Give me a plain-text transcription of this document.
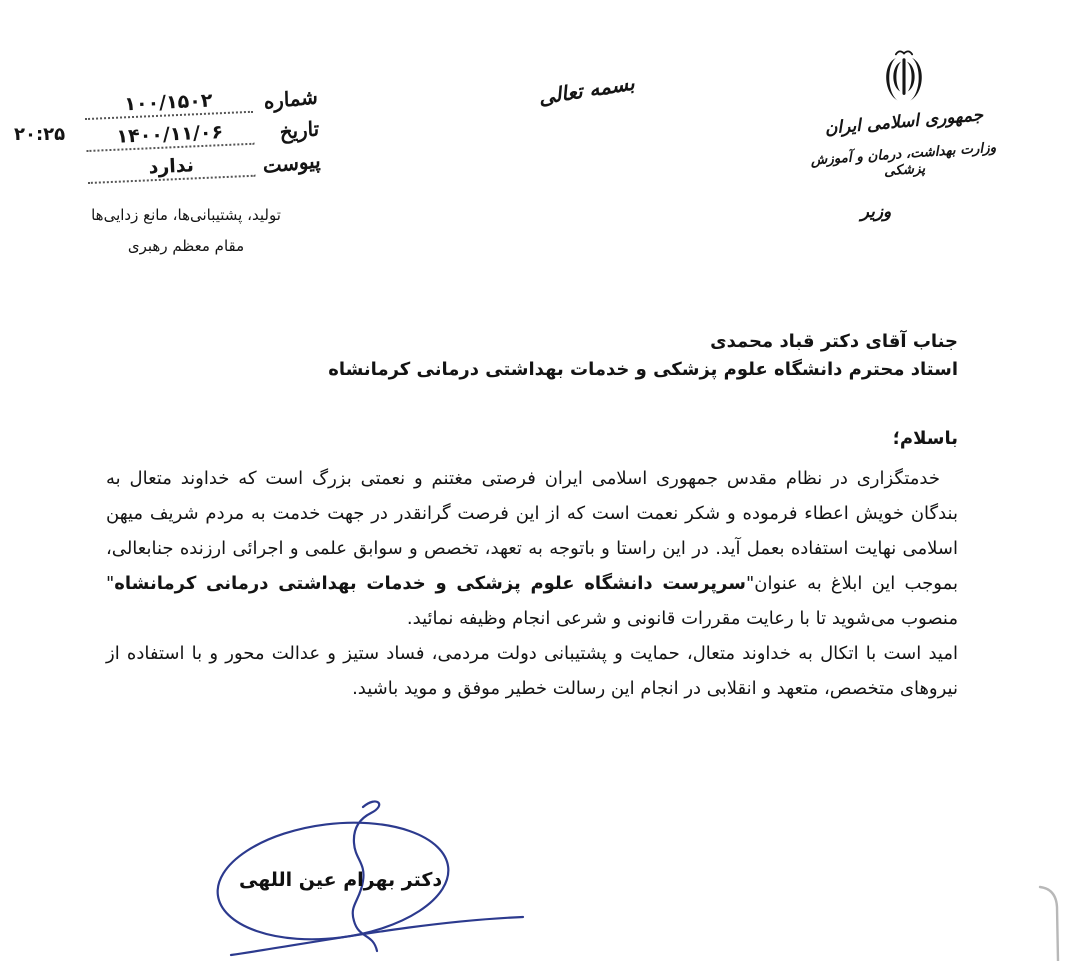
۲۰:۲۵
شماره
۱۰۰/۱۵۰۲
تاریخ
۱۴۰۰/۱۱/۰۶
پیوست
ندارد
تولید، پشتیبانی‌ها، مانع زدایی‌ها
مقام معظم رهبری
بسمه تعالی
جمهوری اسلامی ایران
وزارت بهداشت، درمان و آموزش پزشکی
وزیر
جناب آقای دکتر قباد محمدی
استاد محترم دانشگاه علوم پزشکی و خدمات بهداشتی درمانی کرمانشاه
باسلام؛

خدمتگزاری در نظام مقدس جمهوری اسلامی ایران فرصتی مغتنم و نعمتی بزرگ است که خداوند متعال به بندگان خویش اعطاء فرموده و شکر نعمت است که از این فرصت گرانقدر در جهت خدمت به مردم شریف میهن اسلامی نهایت استفاده بعمل آید. در این راستا و باتوجه به تعهد، تخصص و سوابق علمی و اجرائی ارزنده جنابعالی، بموجب این ابلاغ به عنوان"سرپرست دانشگاه علوم پزشکی و خدمات بهداشتی درمانی کرمانشاه" منصوب می‌شوید تا با رعایت مقررات قانونی و شرعی انجام وظیفه نمائید.

امید است با اتکال به خداوند متعال، حمایت و پشتیبانی دولت مردمی، فساد ستیز و عدالت محور و با استفاده از نیروهای متخصص، متعهد و انقلابی در انجام این رسالت خطیر موفق و موید باشید.

دکتر بهرام عین اللهی
